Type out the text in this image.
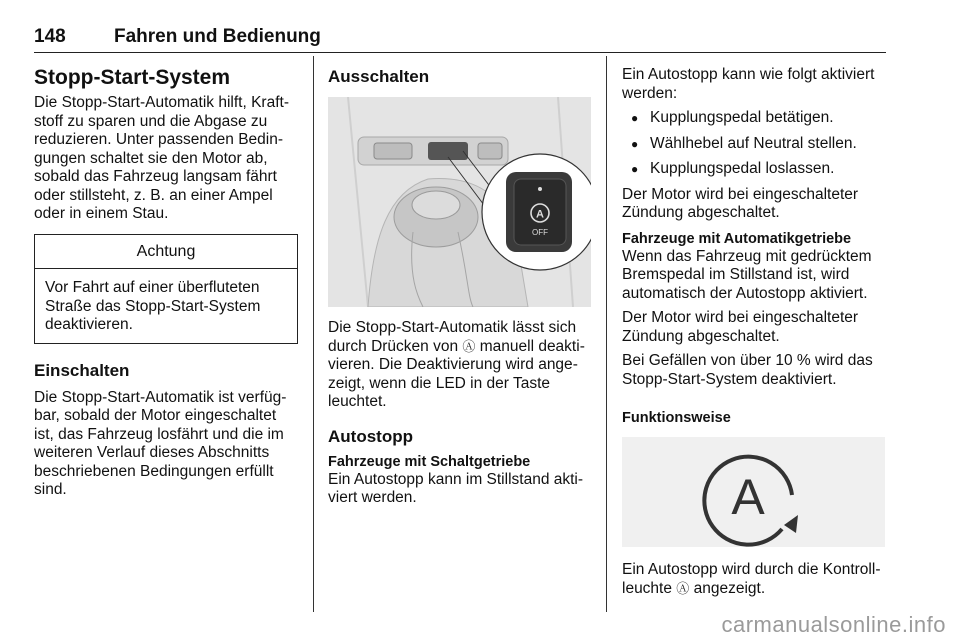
148	Fahren und Bedienung
Stopp-Start-System

Die Stopp-Start-Automatik hilft, Kraftstoff zu sparen und die Abgase zu reduzieren. Unter passenden Bedingungen schaltet sie den Motor ab, sobald das Fahrzeug langsam fährt oder stillsteht, z. B. an einer Ampel oder in einem Stau.

Achtung
Vor Fahrt auf einer überfluteten Straße das Stopp-Start-System deaktivieren.
Einschalten

Die Stopp-Start-Automatik ist verfügbar, sobald der Motor eingeschaltet ist, das Fahrzeug losfährt und die im weiteren Verlauf dieses Abschnitts beschriebenen Bedingungen erfüllt sind.

Ausschalten
A
OFF

Die Stopp-Start-Automatik lässt sich durch Drücken von Ⓐ manuell deaktivieren. Die Deaktivierung wird angezeigt, wenn die LED in der Taste leuchtet.

Autostopp
Fahrzeuge mit Schaltgetriebe

Ein Autostopp kann im Stillstand aktiviert werden.

Ein Autostopp kann wie folgt aktiviert werden:

● Kupplungspedal betätigen.
● Wählhebel auf Neutral stellen.
● Kupplungspedal loslassen.

Der Motor wird bei eingeschalteter Zündung abgeschaltet.

Fahrzeuge mit Automatikgetriebe

Wenn das Fahrzeug mit gedrücktem Bremspedal im Stillstand ist, wird automatisch der Autostopp aktiviert.

Der Motor wird bei eingeschalteter Zündung abgeschaltet.

Bei Gefällen von über 10 % wird das Stopp-Start-System deaktiviert.

Funktionsweise
A

Ein Autostopp wird durch die Kontrollleuchte Ⓐ angezeigt.

carmanualsonline.info
